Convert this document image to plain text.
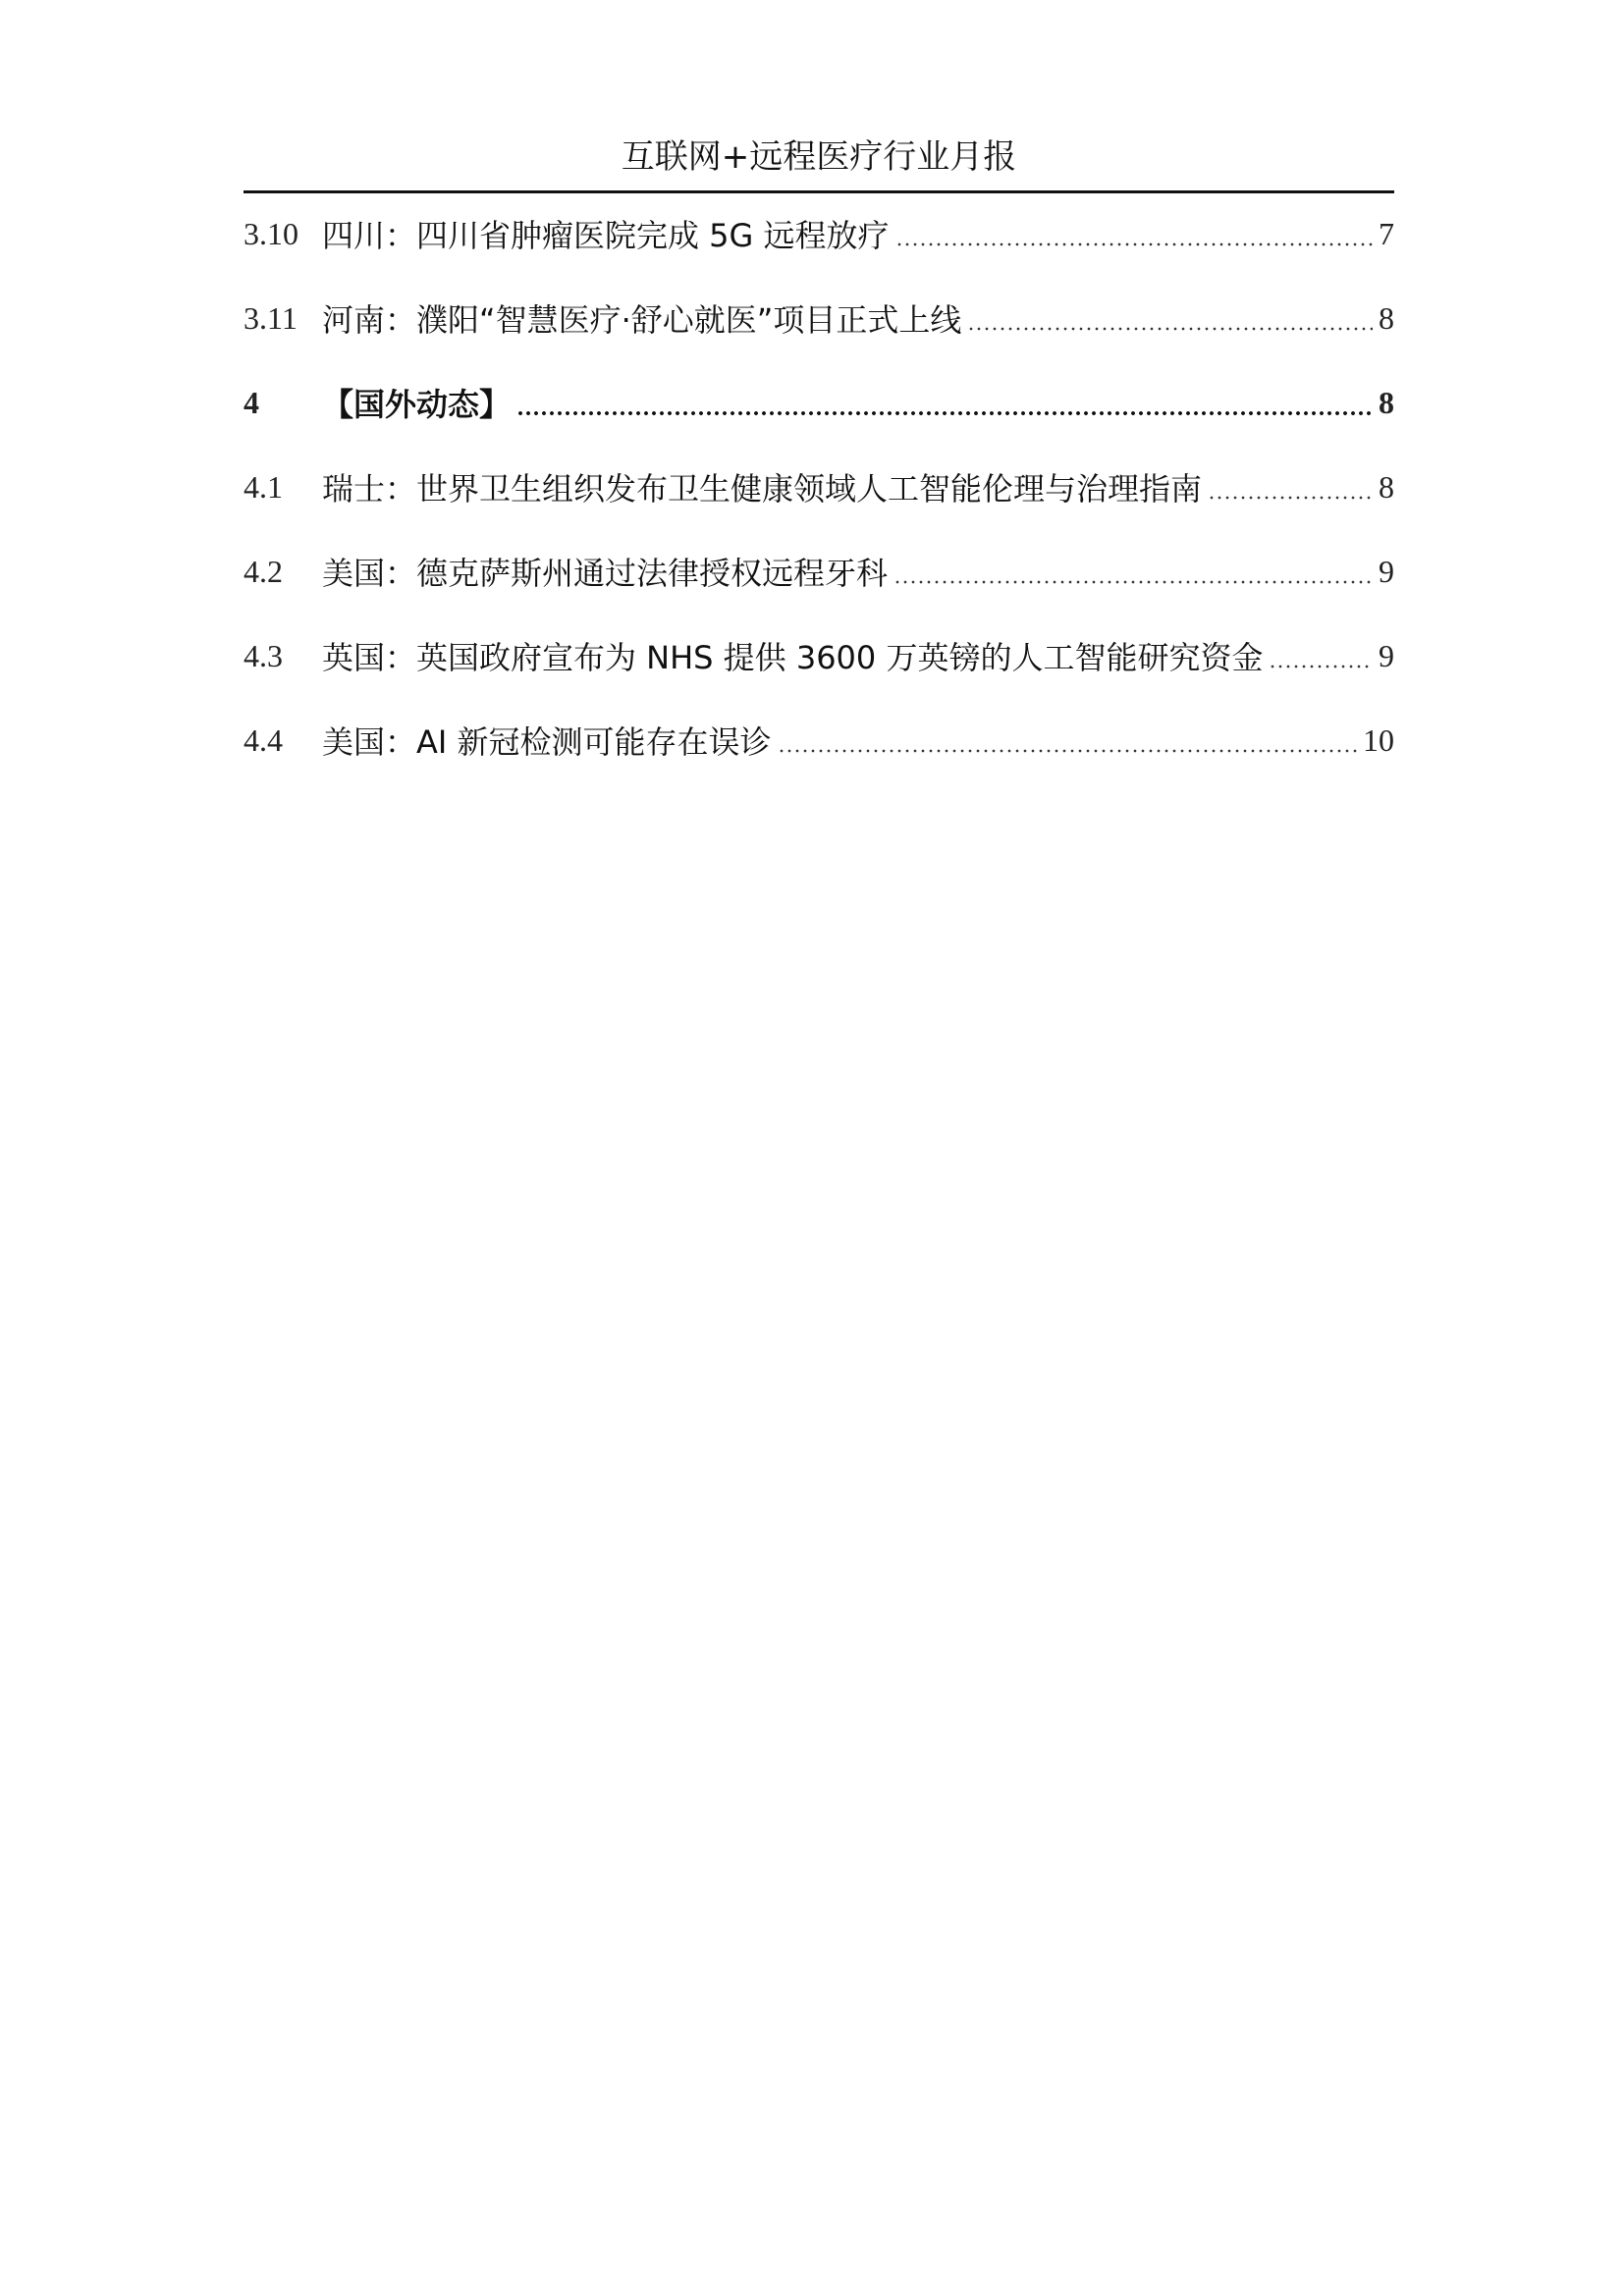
互联网+远程医疗行业月报
3.10 四川：四川省肿瘤医院完成 5G 远程放疗	7
3.11 河南：濮阳“智慧医疗·舒心就医”项目正式上线	8
4	【国外动态】	8
4.1	瑞士：世界卫生组织发布卫生健康领域人工智能伦理与治理指南	8
4.2	美国：德克萨斯州通过法律授权远程牙科	9
4.3	英国：英国政府宣布为 NHS 提供 3600 万英镑的人工智能研究资金	9
4.4	美国：AI 新冠检测可能存在误诊	10
